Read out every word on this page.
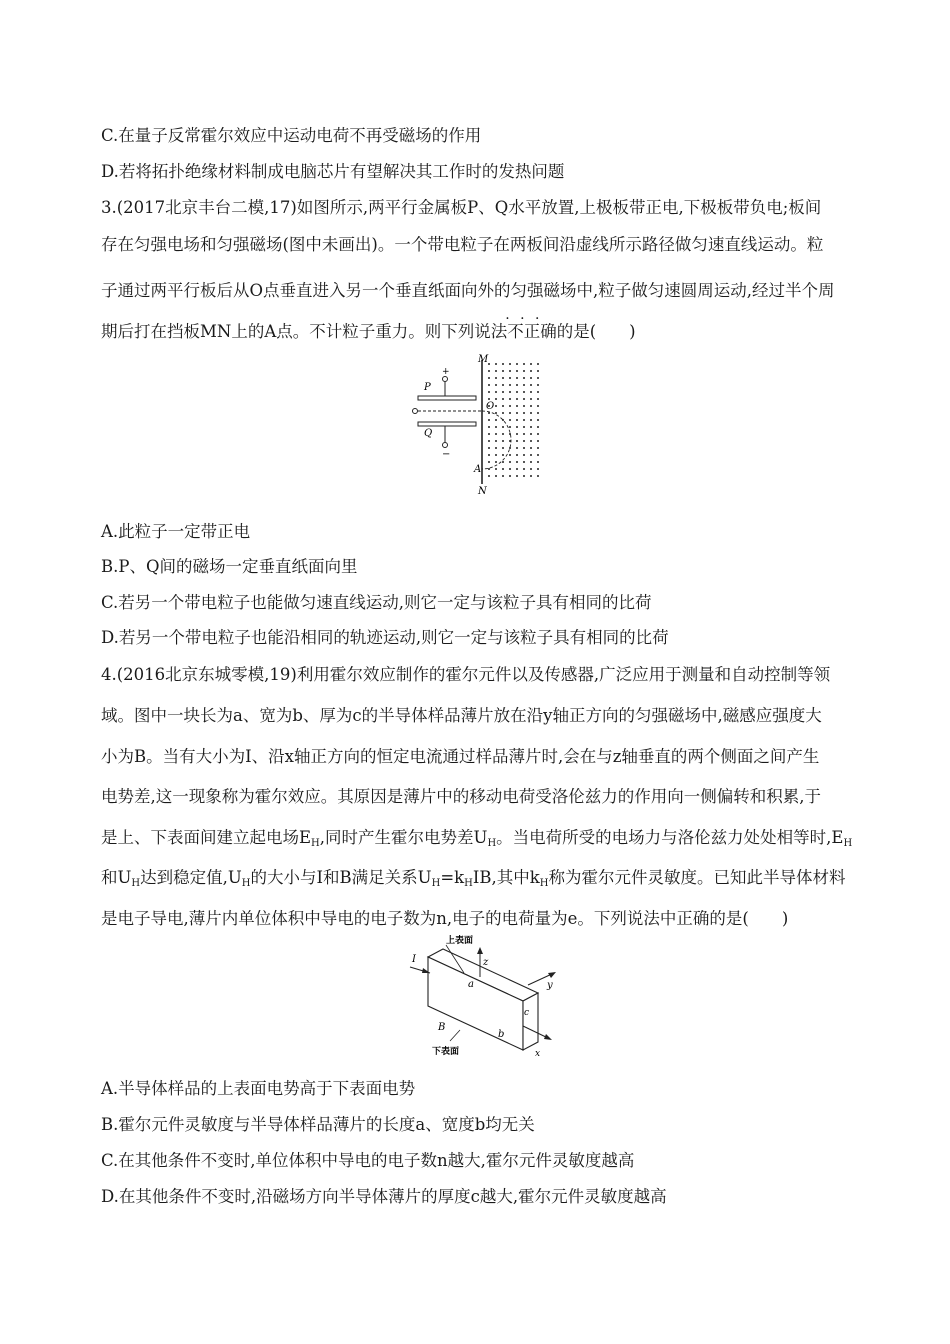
C.在量子反常霍尔效应中运动电荷不再受磁场的作用
D.若将拓扑绝缘材料制成电脑芯片有望解决其工作时的发热问题
3.(2017北京丰台二模,17)如图所示,两平行金属板P、Q水平放置,上极板带正电,下极板带负电;板间
存在匀强电场和匀强磁场(图中未画出)。一个带电粒子在两板间沿虚线所示路径做匀速直线运动。粒
子通过两平行板后从O点垂直进入另一个垂直纸面向外的匀强磁场中,粒子做匀速圆周运动,经过半个周
期后打在挡板MN上的A点。不计粒子重力。则下列说法· · · 不正确的是(　　)
M
N
P
+
Q
−
O
A
A.此粒子一定带正电
B.P、Q间的磁场一定垂直纸面向里
C.若另一个带电粒子也能做匀速直线运动,则它一定与该粒子具有相同的比荷
D.若另一个带电粒子也能沿相同的轨迹运动,则它一定与该粒子具有相同的比荷
4.(2016北京东城零模,19)利用霍尔效应制作的霍尔元件以及传感器,广泛应用于测量和自动控制等领
域。图中一块长为a、宽为b、厚为c的半导体样品薄片放在沿y轴正方向的匀强磁场中,磁感应强度大
小为B。当有大小为I、沿x轴正方向的恒定电流通过样品薄片时,会在与z轴垂直的两个侧面之间产生
电势差,这一现象称为霍尔效应。其原因是薄片中的移动电荷受洛伦兹力的作用向一侧偏转和积累,于
是上、下表面间建立起电场$E_H$,同时产生霍尔电势差$U_H$。当电荷所受的电场力与洛伦兹力处处相等时$,E_H$
和$U_H$达到稳定值$,U_H$的大小与I和B满足关系$U_H=k_HIB$,其中$k_H$称为霍尔元件灵敏度。已知此半导体材料
是电子导电,薄片内单位体积中导电的电子数为n,电子的电荷量为e。下列说法中正确的是(　　)
I	z
y
x
上表面
下表面
a
b
c
B
A.半导体样品的上表面电势高于下表面电势
B.霍尔元件灵敏度与半导体样品薄片的长度a、宽度b均无关
C.在其他条件不变时,单位体积中导电的电子数n越大,霍尔元件灵敏度越高
D.在其他条件不变时,沿磁场方向半导体薄片的厚度c越大,霍尔元件灵敏度越高
